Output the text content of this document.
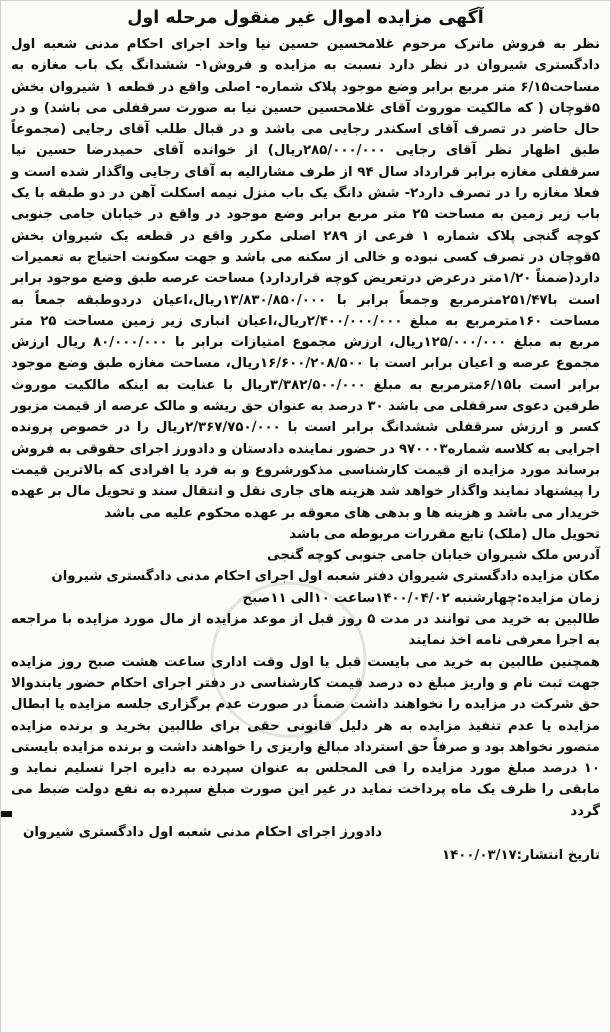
آگهی مزایده اموال غیر منقول مرحله اول

نظر به فروش ماترک مرحوم غلامحسین حسین نیا واحد اجرای احکام مدنی شعبه اول دادگستری شیروان در نظر دارد نسبت به مزایده و فروش۱- ششدانگ یک باب مغازه به مساحت۶/۱۵ متر مربع برابر وضع موجود پلاک شماره- اصلی واقع در قطعه ۱ شیروان بخش ۵قوچان ( که مالکیت موروث آقای غلامحسین حسین نیا به صورت سرقفلی می باشد) و در حال حاضر در تصرف آقای اسکندر رجایی می باشد و در قبال طلب آقای رجایی (مجموعاً طبق اظهار نظر آقای رجایی ۲۸۵/۰۰۰/۰۰۰ریال) از خوانده آقای حمیدرضا حسین نیا سرقفلی مغازه برابر قرارداد سال ۹۴ از طرف مشارالیه به آقای رجایی واگذار شده است و فعلا مغازه را در تصرف دارد۲- شش دانگ یک باب منزل نیمه اسکلت آهن در دو طبقه با یک باب زیر زمین به مساحت ۲۵ متر مربع برابر وضع موجود در واقع در خیابان جامی جنوبی کوچه گنجی پلاک شماره ۱ فرعی از ۲۸۹ اصلی مکرر واقع در قطعه یک شیروان بخش ۵قوچان در تصرف کسی نبوده و خالی از سکنه می باشد و جهت سکونت احتیاج به تعمیرات دارد(ضمناً ۱/۲۰متر درعرض درتعریض کوچه قراردارد) مساحت عرصه طبق وضع موجود برابر است با۲۵۱/۴۷مترمربع وجمعاً برابر با ۱۳/۸۳۰/۸۵۰/۰۰۰ریال،اعیان دردوطبقه جمعاً به مساحت ۱۶۰مترمربع به مبلغ ۲/۴۰۰/۰۰۰/۰۰۰ریال،اعیان انباری زیر زمین مساحت ۲۵ متر مربع به مبلغ ۱۲۵/۰۰۰/۰۰۰ریال، ارزش مجموع امتیازات برابر با ۸۰/۰۰۰/۰۰۰ ریال ارزش مجموع عرصه و اعیان برابر است با ۱۶/۶۰۰/۲۰۸/۵۰۰ریال، مساحت مغازه طبق وضع موجود برابر است با۶/۱۵مترمربع به مبلغ ۳/۳۸۲/۵۰۰/۰۰۰ریال با عنایت به اینکه مالکیت موروث طرفین دعوی سرقفلی می باشد ۳۰ درصد به عنوان حق ریشه و مالک عرصه از قیمت مزبور کسر و ارزش سرقفلی ششدانگ برابر است با ۲/۳۶۷/۷۵۰/۰۰۰ریال را در خصوص پرونده اجرایی به کلاسه شماره۹۷۰۰۰۳ در حضور نماینده دادستان و دادورز اجرای حقوقی به فروش برساند مورد مزایده از قیمت کارشناسی مذکورشروع و به فرد یا افرادی که بالاترین قیمت را پیشنهاد نمایند واگذار خواهد شد هزینه های جاری نقل و انتقال سند و تحویل مال بر عهده خریدار می باشد و هزینه ها و بدهی های معوقه بر عهده محکوم علیه می باشد

تحویل مال (ملک) تابع مقررات مربوطه می باشد

آدرس ملک شیروان خیابان جامی جنوبی کوچه گنجی

مکان مزایده دادگستری شیروان دفتر شعبه اول اجرای احکام مدنی دادگستری شیروان

زمان مزایده:چهارشنبه ۱۴۰۰/۰۴/۰۲ساعت ۱۰الی ۱۱صبح

طالبین به خرید می توانند در مدت ۵ روز قبل از موعد مزایده از مال مورد مزایده با مراجعه به اجرا معرفی نامه اخذ نمایند

همچنین طالبین به خرید می بایست قبل یا اول وقت اداری ساعت هشت صبح روز مزایده جهت ثبت نام و واریز مبلغ ده درصد قیمت کارشناسی در دفتر اجرای احکام حضور یابندوالا حق شرکت در مزایده را نخواهند داشت ضمناً در صورت عدم برگزاری جلسه مزایده یا ابطال مزایده یا عدم تنفیذ مزایده به هر دلیل قانونی حقی برای طالبین بخرید و برنده مزایده متصور نخواهد بود و صرفاً حق استرداد مبالغ واریزی را خواهند داشت و برنده مزایده بایستی ۱۰ درصد مبلغ مورد مزایده را فی المجلس به عنوان سپرده به دایره اجرا تسلیم نماید و مابقی را ظرف یک ماه پرداخت نماید در غیر این صورت مبلغ سپرده به نفع دولت ضبط می گردد

دادورز اجرای احکام مدنی شعبه اول دادگستری شیروان
تاریخ انتشار:۱۴۰۰/۰۳/۱۷
